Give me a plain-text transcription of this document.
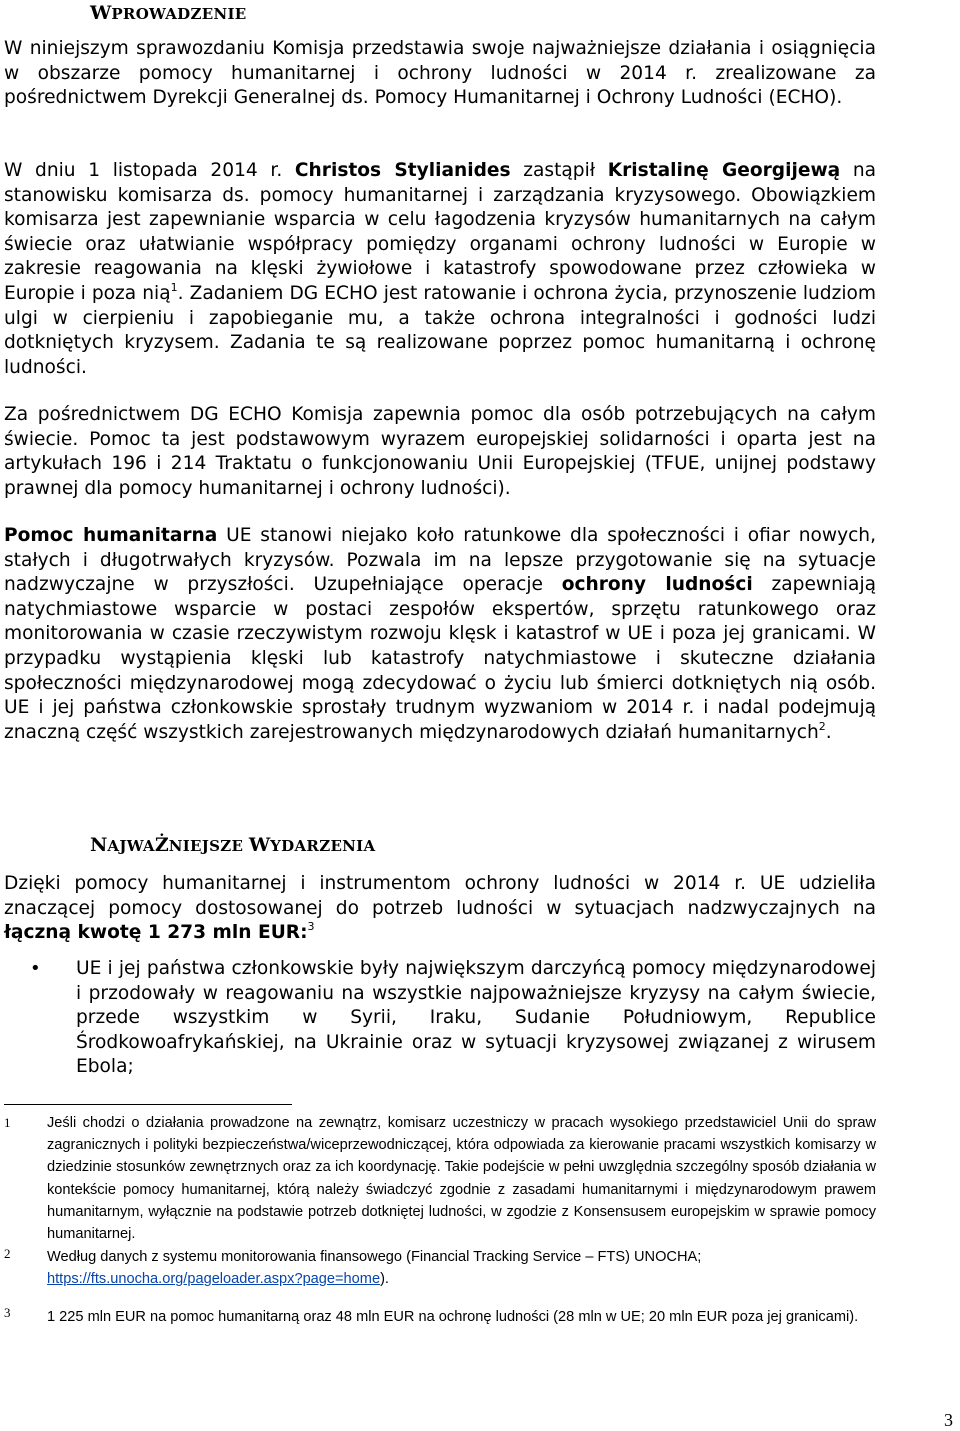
WPROWADZENIE
W niniejszym sprawozdaniu Komisja przedstawia swoje najważniejsze działania i osiągnięcia w obszarze pomocy humanitarnej i ochrony ludności w 2014 r. zrealizowane za pośrednictwem Dyrekcji Generalnej ds. Pomocy Humanitarnej i Ochrony Ludności (ECHO).
W dniu 1 listopada 2014 r. Christos Stylianides zastąpił Kristalinę Georgijewą na stanowisku komisarza ds. pomocy humanitarnej i zarządzania kryzysowego. Obowiązkiem komisarza jest zapewnianie wsparcia w celu łagodzenia kryzysów humanitarnych na całym świecie oraz ułatwianie współpracy pomiędzy organami ochrony ludności w Europie w zakresie reagowania na klęski żywiołowe i katastrofy spowodowane przez człowieka w Europie i poza nią$^1$. Zadaniem DG ECHO jest ratowanie i ochrona życia, przynoszenie ludziom ulgi w cierpieniu i zapobieganie mu, a także ochrona integralności i godności ludzi dotkniętych kryzysem. Zadania te są realizowane poprzez pomoc humanitarną i ochronę ludności.
Za pośrednictwem DG ECHO Komisja zapewnia pomoc dla osób potrzebujących na całym świecie. Pomoc ta jest podstawowym wyrazem europejskiej solidarności i oparta jest na artykułach 196 i 214 Traktatu o funkcjonowaniu Unii Europejskiej (TFUE, unijnej podstawy prawnej dla pomocy humanitarnej i ochrony ludności).
Pomoc humanitarna UE stanowi niejako koło ratunkowe dla społeczności i ofiar nowych, stałych i długotrwałych kryzysów. Pozwala im na lepsze przygotowanie się na sytuacje nadzwyczajne w przyszłości. Uzupełniające operacje ochrony ludności zapewniają natychmiastowe wsparcie w postaci zespołów ekspertów, sprzętu ratunkowego oraz monitorowania w czasie rzeczywistym rozwoju klęsk i katastrof w UE i poza jej granicami. W przypadku wystąpienia klęski lub katastrofy natychmiastowe i skuteczne działania społeczności międzynarodowej mogą zdecydować o życiu lub śmierci dotkniętych nią osób. UE i jej państwa członkowskie sprostały trudnym wyzwaniom w 2014 r. i nadal podejmują znaczną część wszystkich zarejestrowanych międzynarodowych działań humanitarnych$^2$.
NAJWAŻNIEJSZE WYDARZENIA
Dzięki pomocy humanitarnej i instrumentom ochrony ludności w 2014 r. UE udzieliła znaczącej pomocy dostosowanej do potrzeb ludności w sytuacjach nadzwyczajnych na łączną kwotę 1 273 mln EUR:$^3$
• UE i jej państwa członkowskie były największym darczyńcą pomocy międzynarodowej i przodowały w reagowaniu na wszystkie najpoważniejsze kryzysy na całym świecie, przede wszystkim w Syrii, Iraku, Sudanie Południowym, Republice Środkowoafrykańskiej, na Ukrainie oraz w sytuacji kryzysowej związanej z wirusem Ebola;
1	Jeśli chodzi o działania prowadzone na zewnątrz, komisarz uczestniczy w pracach wysokiego przedstawiciel Unii do spraw zagranicznych i polityki bezpieczeństwa/wiceprzewodniczącej, która odpowiada za kierowanie pracami wszystkich komisarzy w dziedzinie stosunków zewnętrznych oraz za ich koordynację. Takie podejście w pełni uwzględnia szczególny sposób działania w kontekście pomocy humanitarnej, którą należy świadczyć zgodnie z zasadami humanitarnymi i międzynarodowym prawem humanitarnym, wyłącznie na podstawie potrzeb dotkniętej ludności, w zgodzie z Konsensusem europejskim w sprawie pomocy humanitarnej.
2	Według danych z systemu monitorowania finansowego (Financial Tracking Service – FTS) UNOCHA;
https://fts.unocha.org/pageloader.aspx?page=home).
3	1 225 mln EUR na pomoc humanitarną oraz 48 mln EUR na ochronę ludności (28 mln w UE; 20 mln EUR poza jej granicami).
3
